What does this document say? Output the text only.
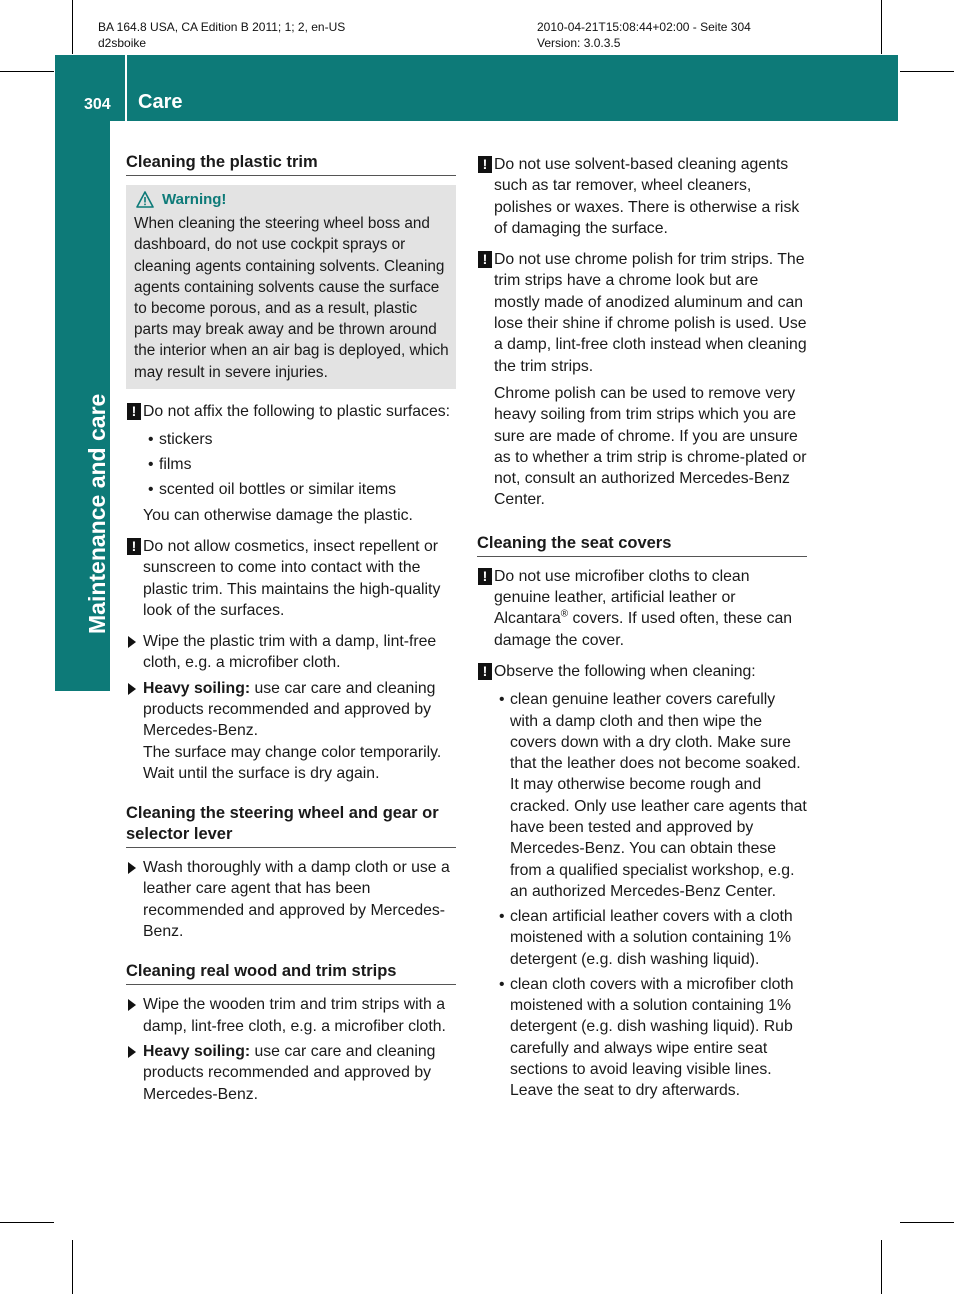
BA 164.8 USA, CA Edition B 2011; 1; 2, en-US
d2sboike
2010-04-21T15:08:44+02:00 - Seite 304
Version: 3.0.3.5
304 Care
Maintenance and care
Cleaning the plastic trim
Warning!
When cleaning the steering wheel boss and dashboard, do not use cockpit sprays or cleaning agents containing solvents. Cleaning agents containing solvents cause the surface to become porous, and as a result, plastic parts may break away and be thrown around the interior when an air bag is deployed, which may result in severe injuries.
! Do not affix the following to plastic surfaces:
• stickers
• films
• scented oil bottles or similar items
You can otherwise damage the plastic.
! Do not allow cosmetics, insect repellent or sunscreen to come into contact with the plastic trim. This maintains the high-quality look of the surfaces.
Wipe the plastic trim with a damp, lint-free cloth, e.g. a microfiber cloth.
Heavy soiling: use car care and cleaning products recommended and approved by Mercedes-Benz.
The surface may change color temporarily. Wait until the surface is dry again.
Cleaning the steering wheel and gear or selector lever
Wash thoroughly with a damp cloth or use a leather care agent that has been recommended and approved by Mercedes-Benz.
Cleaning real wood and trim strips
Wipe the wooden trim and trim strips with a damp, lint-free cloth, e.g. a microfiber cloth.
Heavy soiling: use car care and cleaning products recommended and approved by Mercedes-Benz.
! Do not use solvent-based cleaning agents such as tar remover, wheel cleaners, polishes or waxes. There is otherwise a risk of damaging the surface.
! Do not use chrome polish for trim strips. The trim strips have a chrome look but are mostly made of anodized aluminum and can lose their shine if chrome polish is used. Use a damp, lint-free cloth instead when cleaning the trim strips.
Chrome polish can be used to remove very heavy soiling from trim strips which you are sure are made of chrome. If you are unsure as to whether a trim strip is chrome-plated or not, consult an authorized Mercedes-Benz Center.
Cleaning the seat covers
! Do not use microfiber cloths to clean genuine leather, artificial leather or Alcantara® covers. If used often, these can damage the cover.
! Observe the following when cleaning:
• clean genuine leather covers carefully with a damp cloth and then wipe the covers down with a dry cloth. Make sure that the leather does not become soaked. It may otherwise become rough and cracked. Only use leather care agents that have been tested and approved by Mercedes-Benz. You can obtain these from a qualified specialist workshop, e.g. an authorized Mercedes-Benz Center.
• clean artificial leather covers with a cloth moistened with a solution containing 1% detergent (e.g. dish washing liquid).
• clean cloth covers with a microfiber cloth moistened with a solution containing 1% detergent (e.g. dish washing liquid). Rub carefully and always wipe entire seat sections to avoid leaving visible lines. Leave the seat to dry afterwards.
